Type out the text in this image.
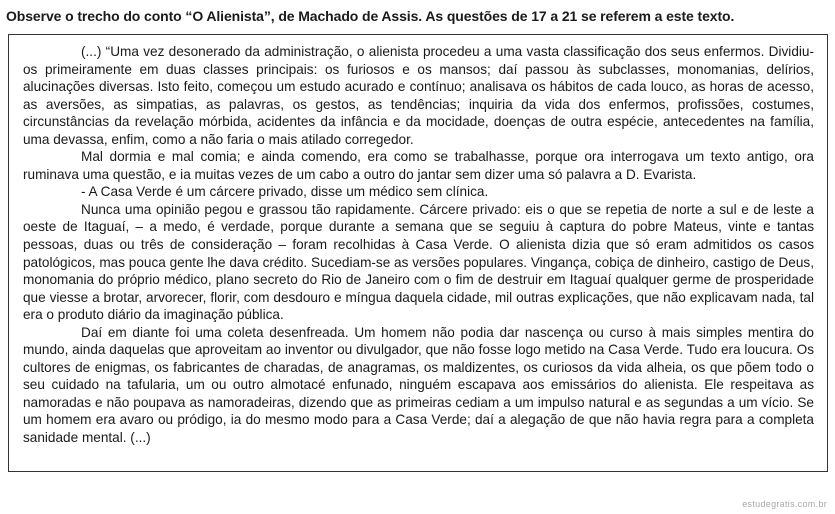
Observe o trecho do conto “O Alienista”, de Machado de Assis. As questões de 17 a 21 se referem a este texto.

(...) “Uma vez desonerado da administração, o alienista procedeu a uma vasta classificação dos seus enfermos. Dividiu-os primeiramente em duas classes principais: os furiosos e os mansos; daí passou às subclasses, monomanias, delírios, alucinações diversas. Isto feito, começou um estudo acurado e contínuo; analisava os hábitos de cada louco, as horas de acesso, as aversões, as simpatias, as palavras, os gestos, as tendências; inquiria da vida dos enfermos, profissões, costumes, circunstâncias da revelação mórbida, acidentes da infância e da mocidade, doenças de outra espécie, antecedentes na família, uma devassa, enfim, como a não faria o mais atilado corregedor.

Mal dormia e mal comia; e ainda comendo, era como se trabalhasse, porque ora interrogava um texto antigo, ora ruminava uma questão, e ia muitas vezes de um cabo a outro do jantar sem dizer uma só palavra a D. Evarista.

- A Casa Verde é um cárcere privado, disse um médico sem clínica.

Nunca uma opinião pegou e grassou tão rapidamente. Cárcere privado: eis o que se repetia de norte a sul e de leste a oeste de Itaguaí, – a medo, é verdade, porque durante a semana que se seguiu à captura do pobre Mateus, vinte e tantas pessoas, duas ou três de consideração – foram recolhidas à Casa Verde. O alienista dizia que só eram admitidos os casos patológicos, mas pouca gente lhe dava crédito. Sucediam-se as versões populares. Vingança, cobiça de dinheiro, castigo de Deus, monomania do próprio médico, plano secreto do Rio de Janeiro com o fim de destruir em Itaguaí qualquer germe de prosperidade que viesse a brotar, arvorecer, florir, com desdouro e míngua daquela cidade, mil outras explicações, que não explicavam nada, tal era o produto diário da imaginação pública.

Daí em diante foi uma coleta desenfreada. Um homem não podia dar nascença ou curso à mais simples mentira do mundo, ainda daquelas que aproveitam ao inventor ou divulgador, que não fosse logo metido na Casa Verde. Tudo era loucura. Os cultores de enigmas, os fabricantes de charadas, de anagramas, os maldizentes, os curiosos da vida alheia, os que põem todo o seu cuidado na tafularia, um ou outro almotacé enfunado, ninguém escapava aos emissários do alienista. Ele respeitava as namoradas e não poupava as namoradeiras, dizendo que as primeiras cediam a um impulso natural e as segundas a um vício. Se um homem era avaro ou pródigo, ia do mesmo modo para a Casa Verde; daí a alegação de que não havia regra para a completa sanidade mental. (...)

estudegratis.com.br
